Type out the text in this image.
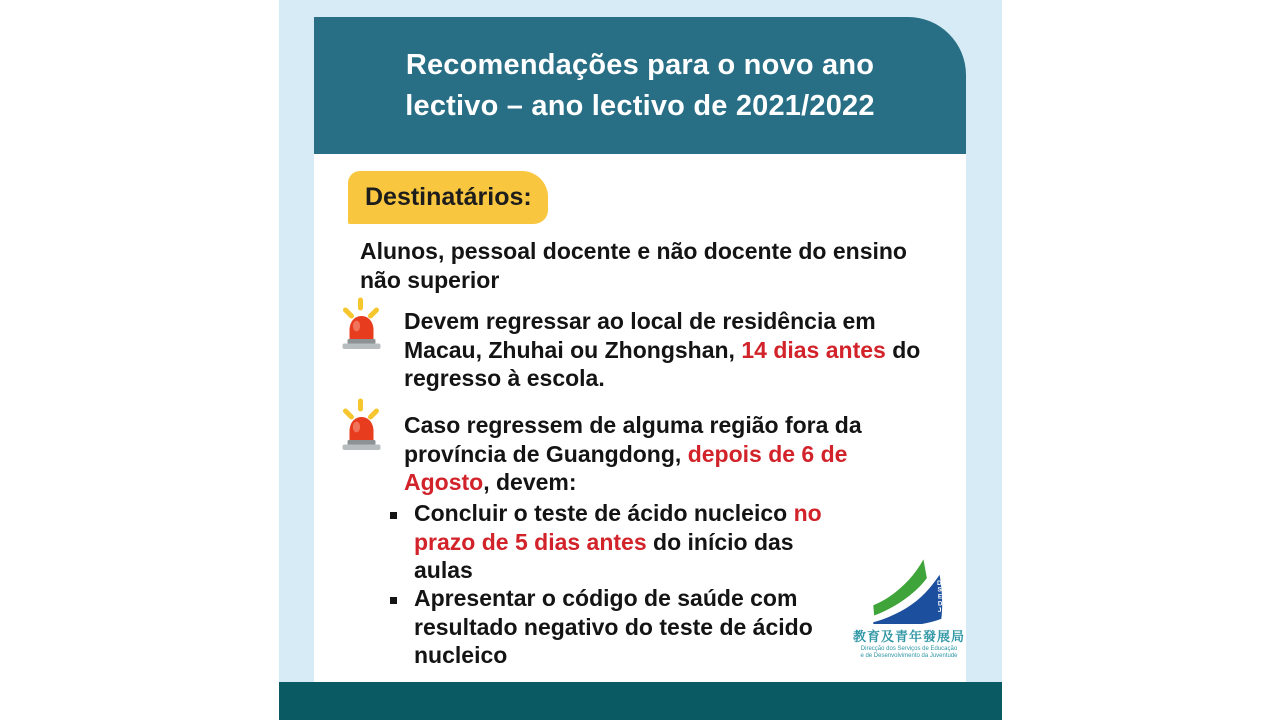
Recomendações para o novo ano
lectivo – ano lectivo de 2021/2022
Destinatários:
Alunos, pessoal docente e não docente do ensino
não superior
Devem regressar ao local de residência em
Macau, Zhuhai ou Zhongshan, 14 dias antes do
regresso à escola.
Caso regressem de alguma região fora da
província de Guangdong, depois de 6 de
Agosto, devem:
Concluir o teste de ácido nucleico no
prazo de 5 dias antes do início das
aulas
Apresentar o código de saúde com
resultado negativo do teste de ácido
nucleico
D S E D J
教育及青年發展局
Direcção dos Serviços de Educação
e de Desenvolvimento da Juventude
